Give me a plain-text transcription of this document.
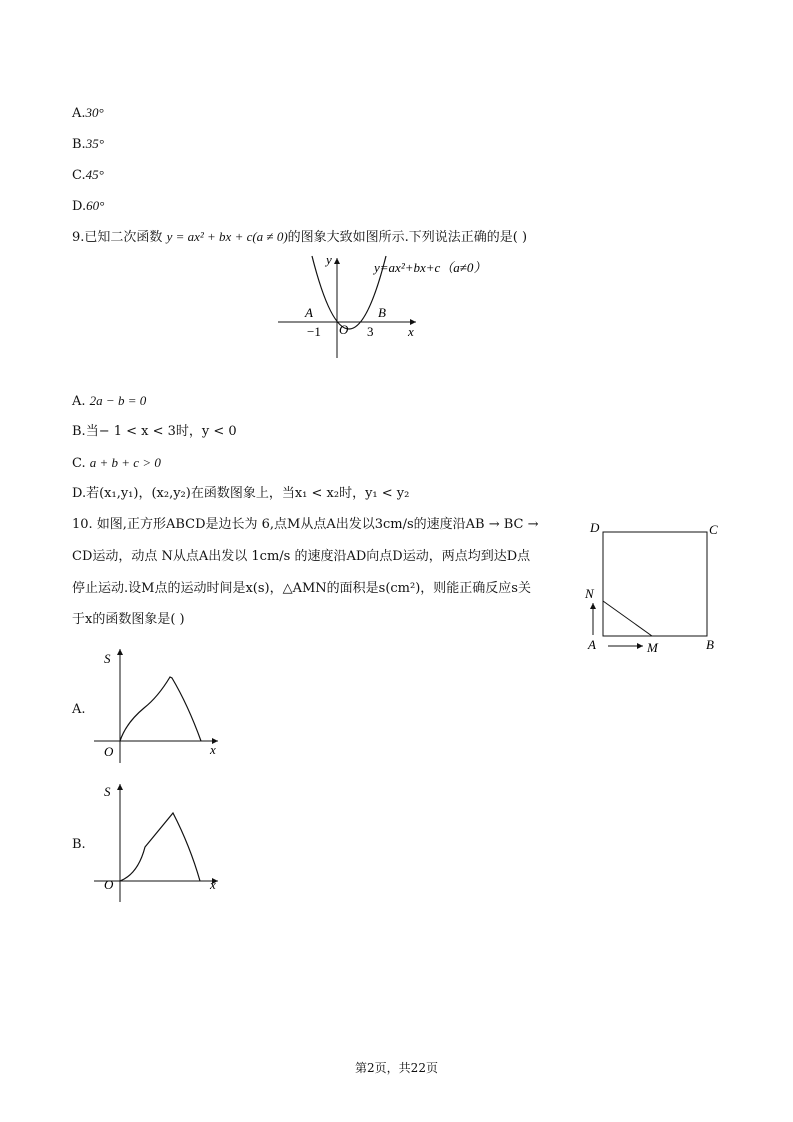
A.30°
B.35°
C.45°
D.60°
9.已知二次函数 y = ax² + bx + c(a ≠ 0)的图象大致如图所示.下列说法正确的是( )
y
x
y=ax²+bx+c（a≠0）
A	B
O
−1	3
A. 2a − b = 0
B.当− 1 < x < 3时，y < 0
C. a + b + c > 0
D.若(x₁,y₁)，(x₂,y₂)在函数图象上，当x₁ < x₂时，y₁ < y₂
10. 如图,正方形ABCD是边长为 6,点M从点A出发以3cm/s的速度沿AB → BC →
CD运动，动点 N从点A出发以 1cm/s 的速度沿AD向点D运动，两点均到达D点
停止运动.设M点的运动时间是x(s)，△AMN的面积是s(cm²)，则能正确反应s关
于x的函数图象是( )
D	C
N
A	M	B
A.
S
O	x
B.
S
O	x
第2页，共22页
